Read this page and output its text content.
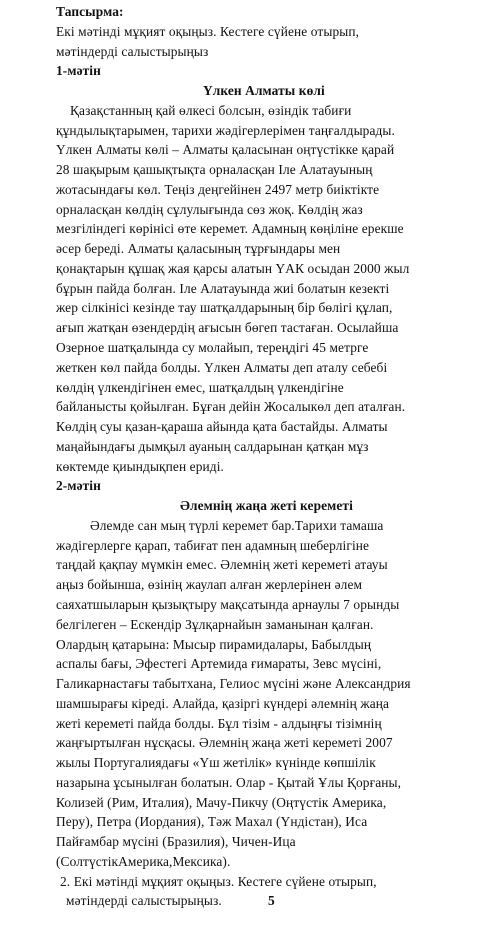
Тапсырма:
Екі мәтінді мұқият оқыңыз. Кестеге сүйене отырып,
мәтіндерді салыстырыңыз
1-мәтін
Үлкен Алматы көлі
Қазақстанның қай өлкесі болсын, өзіндік табиғи
құндылықтарымен, тарихи жәдігерлерімен таңғалдырады.
Үлкен Алматы көлі – Алматы қаласынан оңтүстікке қарай
28 шақырым қашықтықта орналасқан Іле Алатауының
жотасындағы көл. Теңіз деңгейінен 2497 метр биіктікте
орналасқан көлдің сұлулығында сөз жоқ. Көлдің жаз
мезгіліндегі көрінісі өте керемет. Адамның көңіліне ерекше
әсер береді. Алматы қаласының тұрғындары мен
қонақтарын құшақ жая қарсы алатын ҮАК осыдан 2000 жыл
бұрын пайда болған. Іле Алатауында жиі болатын кезекті
жер сілкінісі кезінде тау шатқалдарының бір бөлігі құлап,
ағып жатқан өзендердің ағысын бөгеп тастаған. Осылайша
Озерное шатқалында су молайып, тереңдігі 45 метрге
жеткен көл пайда болды. Үлкен Алматы деп аталу себебі
көлдің үлкендігінен емес, шатқалдың үлкендігіне
байланысты қойылған. Бұған дейін Жосалыкөл деп аталған.
Көлдің суы қазан-қараша айында қата бастайды. Алматы
маңайындағы дымқыл ауаның салдарынан қатқан мұз
көктемде қиындықпен ериді.
2-мәтін
Әлемнің жаңа жеті кереметі
Әлемде сан мың түрлі керемет бар.Тарихи тамаша
жәдігерлерге қарап, табиғат пен адамның шеберлігіне
таңдай қақпау мүмкін емес. Әлемнің жеті кереметі атауы
аңыз бойынша, өзінің жаулап алған жерлерінен әлем
саяхатшыларын қызықтыру мақсатында арнаулы 7 орынды
белгілеген – Ескендір Зұлқарнайын заманынан қалған.
Олардың қатарына: Мысыр пирамидалары, Бабылдың
аспалы бағы, Эфестегі Артемида ғимараты, Зевс мүсіні,
Галикарнастағы табытхана, Гелиос мүсіні және Александрия
шамшырағы кіреді. Алайда, қазіргі күндері әлемнің жаңа
жеті кереметі пайда болды. Бұл тізім - алдыңғы тізімнің
жаңғыртылған нұсқасы. Әлемнің жаңа жеті кереметі 2007
жылы Португалиядағы «Үш жетілік» күнінде көпшілік
назарына ұсынылған болатын. Олар - Қытай Ұлы Қорғаны,
Колизей (Рим, Италия), Мачу-Пикчу (Оңтүстік Америка,
Перу), Петра (Иордания), Тәж Махал (Үндістан), Иса
Пайғамбар мүсіні (Бразилия), Чичен-Ица
(СолтүстікАмерика,Мексика).
2. Екі мәтінді мұқият оқыңыз. Кестеге сүйене отырып,
мәтіндерді салыстырыңыз.	5
